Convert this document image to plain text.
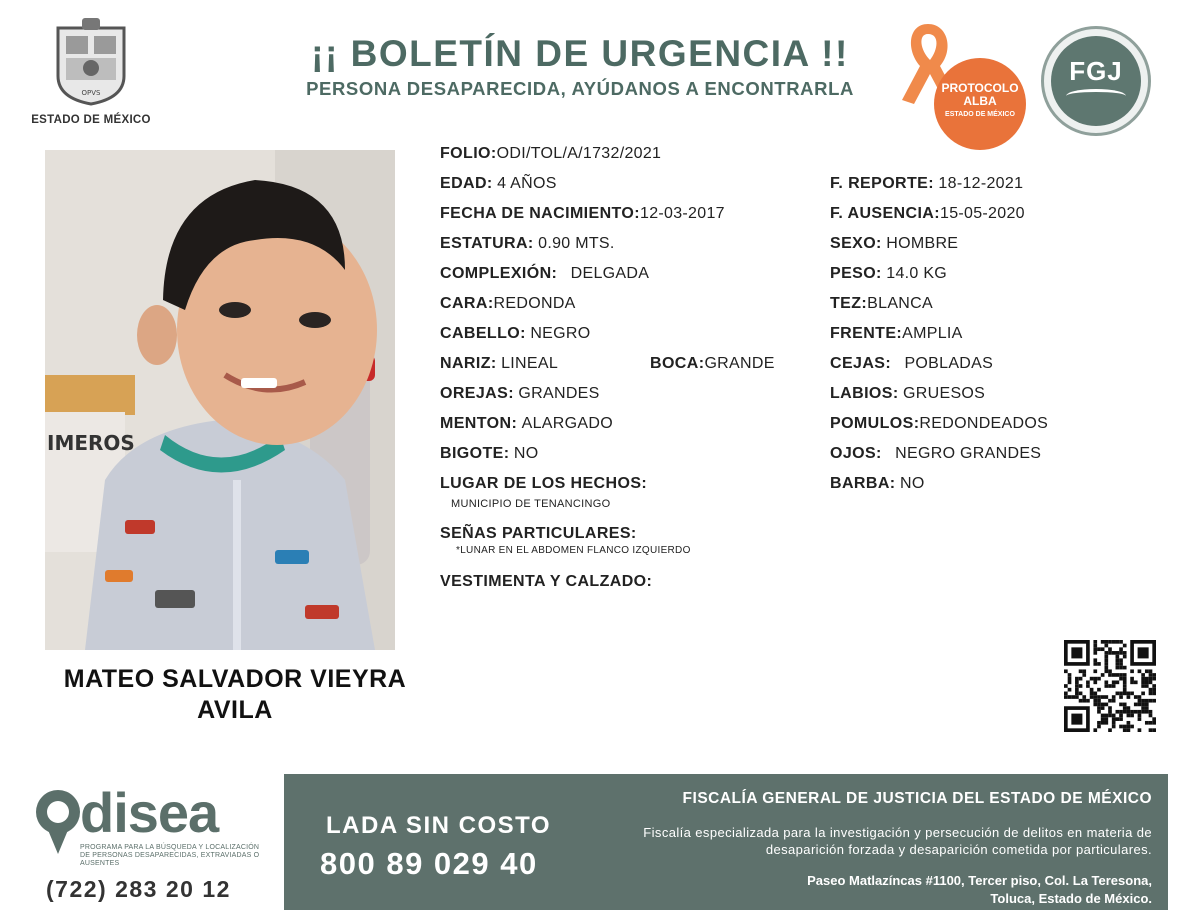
OPVS
ESTADO DE MÉXICO
¡¡ BOLETÍN DE URGENCIA !!
PERSONA DESAPARECIDA, AYÚDANOS A ENCONTRARLA	PROTOCOLO
ALBA
ESTADO DE MÉXICO
FGJ
IMEROS
MATEO SALVADOR VIEYRA AVILA
FOLIO:ODI/TOL/A/1732/2021
EDAD: 4 AÑOS
FECHA DE NACIMIENTO:12-03-2017
ESTATURA: 0.90 MTS.
COMPLEXIÓN: DELGADA
CARA:REDONDA
CABELLO: NEGRO
NARIZ: LINEAL	BOCA:GRANDE
OREJAS: GRANDES
MENTON: ALARGADO
BIGOTE: NO
LUGAR DE LOS HECHOS:
MUNICIPIO DE TENANCINGO
SEÑAS PARTICULARES:
*LUNAR EN EL ABDOMEN FLANCO IZQUIERDO
VESTIMENTA Y CALZADO:
F. REPORTE: 18-12-2021
F. AUSENCIA:15-05-2020
SEXO: HOMBRE
PESO: 14.0 KG
TEZ:BLANCA
FRENTE:AMPLIA
CEJAS: POBLADAS
LABIOS: GRUESOS
POMULOS:REDONDEADOS
OJOS: NEGRO GRANDES
BARBA: NO
disea
PROGRAMA PARA LA BÚSQUEDA Y LOCALIZACIÓN DE PERSONAS DESAPARECIDAS, EXTRAVIADAS O AUSENTES
(722) 283 20 12
LADA SIN COSTO
800 89 029 40
FISCALÍA GENERAL DE JUSTICIA DEL ESTADO DE MÉXICO
Fiscalía especializada para la investigación y persecución de delitos en materia de desaparición forzada y desaparición cometida por particulares.
Paseo Matlazíncas #1100, Tercer piso, Col. La Teresona,
Toluca, Estado de México.
